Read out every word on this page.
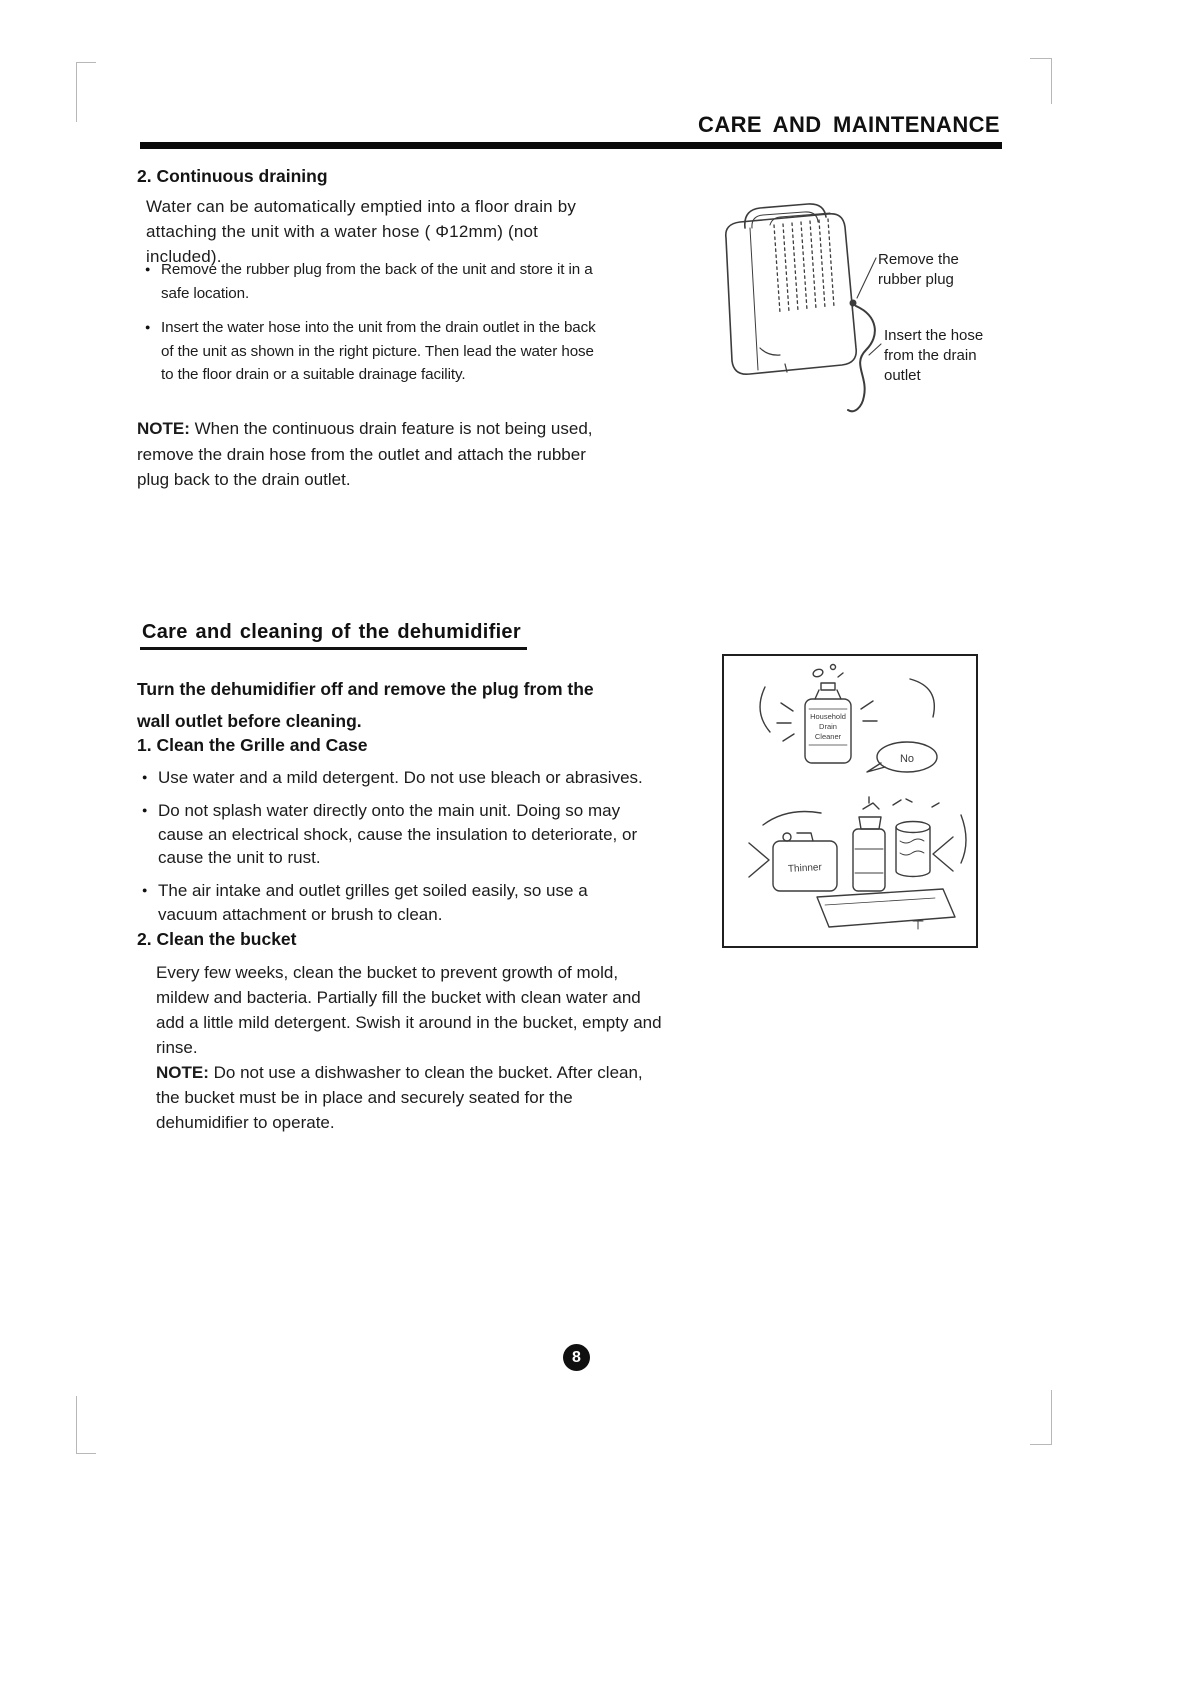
CARE AND MAINTENANCE
2. Continuous draining

Water can be automatically emptied into a floor drain by attaching the unit with a water hose ( Φ12mm) (not included).

● Remove the rubber plug from the back of the unit and store it in a safe location.
● Insert the water hose into the unit from the drain outlet in the back of the unit as shown in the right picture. Then lead the water hose to the floor drain or a suitable drainage facility.

NOTE: When the continuous drain feature is not being used, remove the drain hose from the outlet and attach the rubber plug back to the drain outlet.

Remove the rubber plug
Insert the hose from the drain outlet
Care and cleaning of the dehumidifier

Turn the dehumidifier off and remove the plug from the wall outlet before cleaning.

1. Clean the Grille and Case
● Use water and a mild detergent. Do not use bleach or abrasives.
● Do not splash water directly onto the main unit. Doing so may cause an electrical shock, cause the insulation to deteriorate, or cause the unit to rust.
● The air intake and outlet grilles get soiled easily, so use a vacuum attachment or brush to clean.
2. Clean the bucket

Every few weeks, clean the bucket to prevent growth of mold, mildew and bacteria. Partially fill the bucket with clean water and add a little mild detergent. Swish it around in the bucket, empty and rinse.

NOTE: Do not use a dishwasher to clean the bucket. After clean, the bucket must be in place and securely seated for the dehumidifier to operate.

Household
Drain
Cleaner
No
Thinner
8
